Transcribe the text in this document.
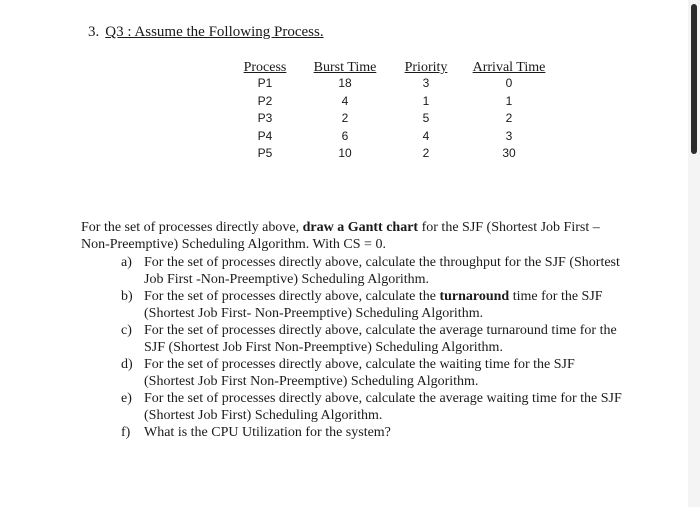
3. Q3 : Assume the Following Process.
Process	Burst Time	Priority	Arrival Time
P1	18	3	0
P2	4	1	1
P3	2	5	2
P4	6	4	3
P5	10	2	30

For the set of processes directly above, draw a Gantt chart for the SJF (Shortest Job First – Non-Preemptive) Scheduling Algorithm. With CS = 0.

a) For the set of processes directly above, calculate the throughput for the SJF (Shortest Job First -Non-Preemptive) Scheduling Algorithm.
b) For the set of processes directly above, calculate the turnaround time for the SJF (Shortest Job First- Non-Preemptive) Scheduling Algorithm.
c) For the set of processes directly above, calculate the average turnaround time for the SJF (Shortest Job First Non-Preemptive) Scheduling Algorithm.
d) For the set of processes directly above, calculate the waiting time for the SJF (Shortest Job First Non-Preemptive) Scheduling Algorithm.
e) For the set of processes directly above, calculate the average waiting time for the SJF (Shortest Job First) Scheduling Algorithm.
f) What is the CPU Utilization for the system?
